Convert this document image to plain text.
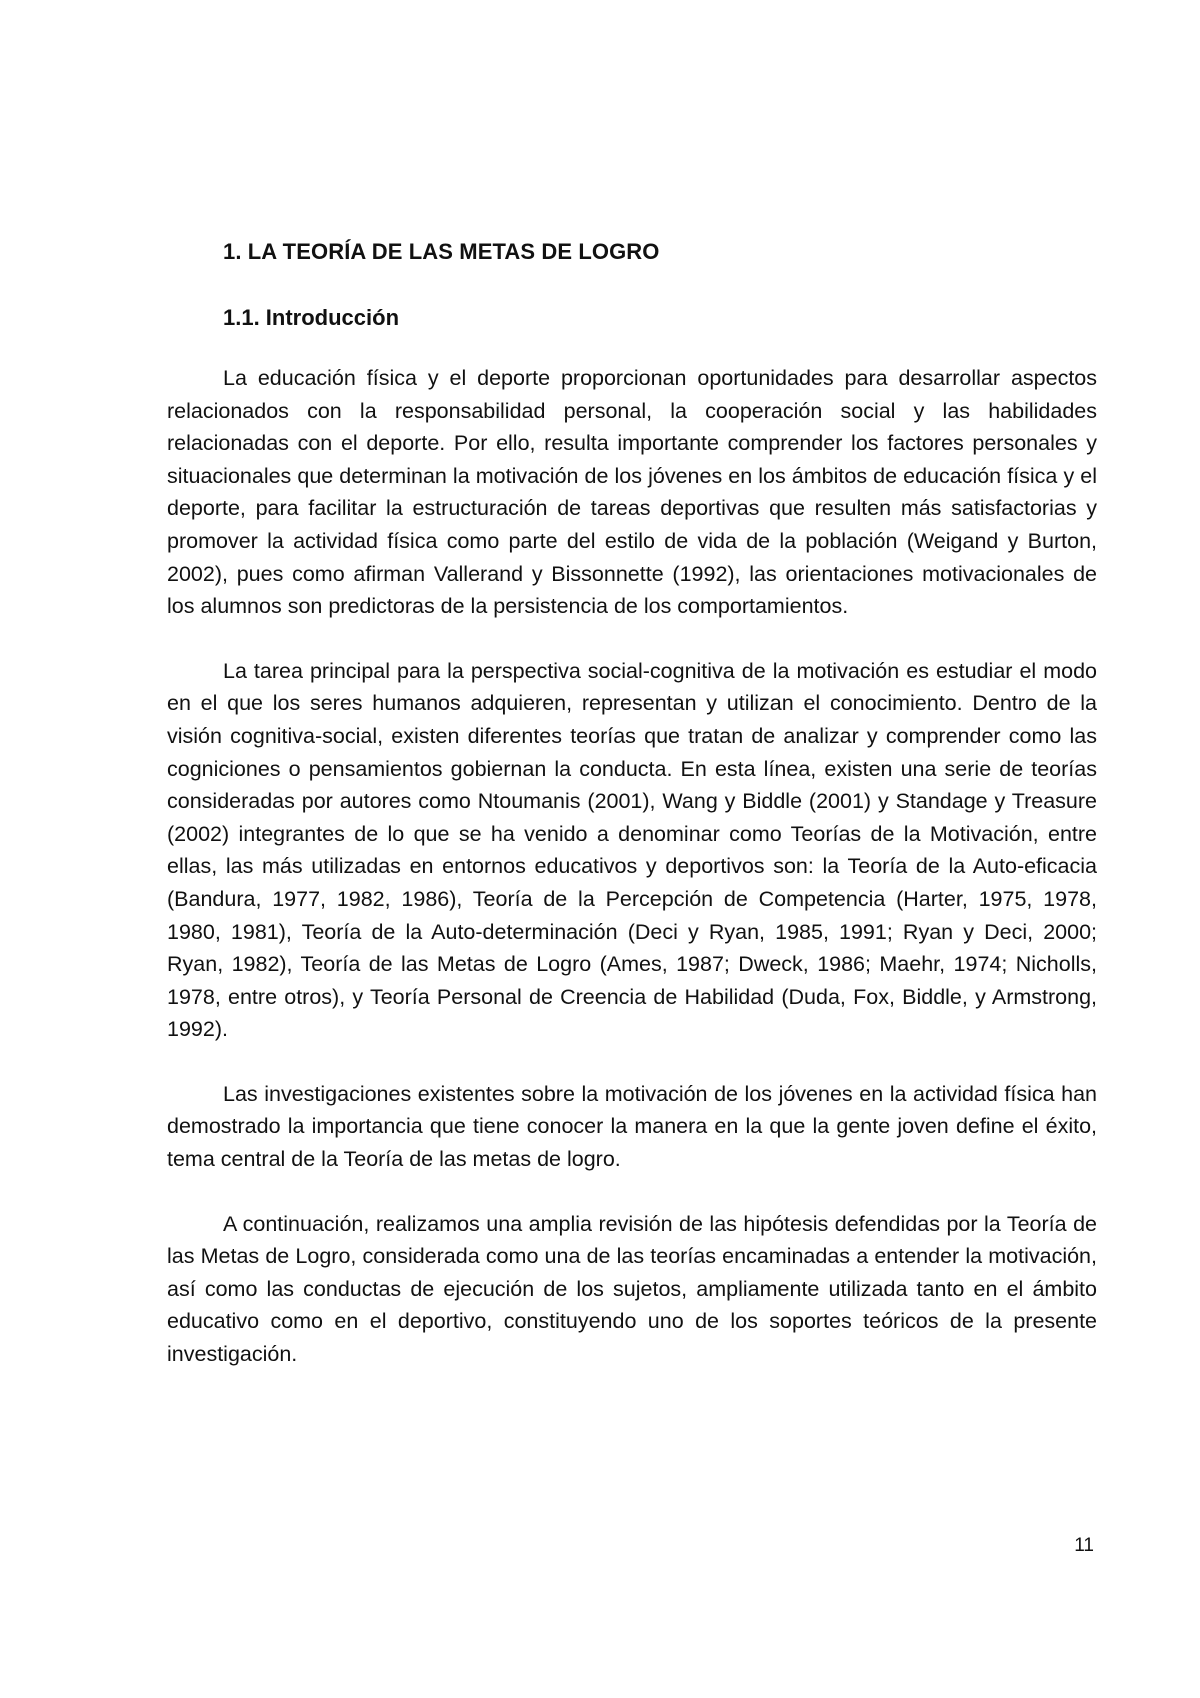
1. LA TEORÍA DE LAS METAS DE LOGRO
1.1. Introducción

La educación física y el deporte proporcionan oportunidades para desarrollar aspectos relacionados con la responsabilidad personal, la cooperación social y las habilidades relacionadas con el deporte. Por ello, resulta importante comprender los factores personales y situacionales que determinan la motivación de los jóvenes en los ámbitos de educación física y el deporte, para facilitar la estructuración de tareas deportivas que resulten más satisfactorias y promover la actividad física como parte del estilo de vida de la población (Weigand y Burton, 2002), pues como afirman Vallerand y Bissonnette (1992), las orientaciones motivacionales de los alumnos son predictoras de la persistencia de los comportamientos.

La tarea principal para la perspectiva social-cognitiva de la motivación es estudiar el modo en el que los seres humanos adquieren, representan y utilizan el conocimiento. Dentro de la visión cognitiva-social, existen diferentes teorías que tratan de analizar y comprender como las cogniciones o pensamientos gobiernan la conducta. En esta línea, existen una serie de teorías consideradas por autores como Ntoumanis (2001), Wang y Biddle (2001) y Standage y Treasure (2002) integrantes de lo que se ha venido a denominar como Teorías de la Motivación, entre ellas, las más utilizadas en entornos educativos y deportivos son: la Teoría de la Auto-eficacia (Bandura, 1977, 1982, 1986), Teoría de la Percepción de Competencia (Harter, 1975, 1978, 1980, 1981), Teoría de la Auto-determinación (Deci y Ryan, 1985, 1991; Ryan y Deci, 2000; Ryan, 1982), Teoría de las Metas de Logro (Ames, 1987; Dweck, 1986; Maehr, 1974; Nicholls, 1978, entre otros), y Teoría Personal de Creencia de Habilidad (Duda, Fox, Biddle, y Armstrong, 1992).

Las investigaciones existentes sobre la motivación de los jóvenes en la actividad física han demostrado la importancia que tiene conocer la manera en la que la gente joven define el éxito, tema central de la Teoría de las metas de logro.

A continuación, realizamos una amplia revisión de las hipótesis defendidas por la Teoría de las Metas de Logro, considerada como una de las teorías encaminadas a entender la motivación, así como las conductas de ejecución de los sujetos, ampliamente utilizada tanto en el ámbito educativo como en el deportivo, constituyendo uno de los soportes teóricos de la presente investigación.

11
